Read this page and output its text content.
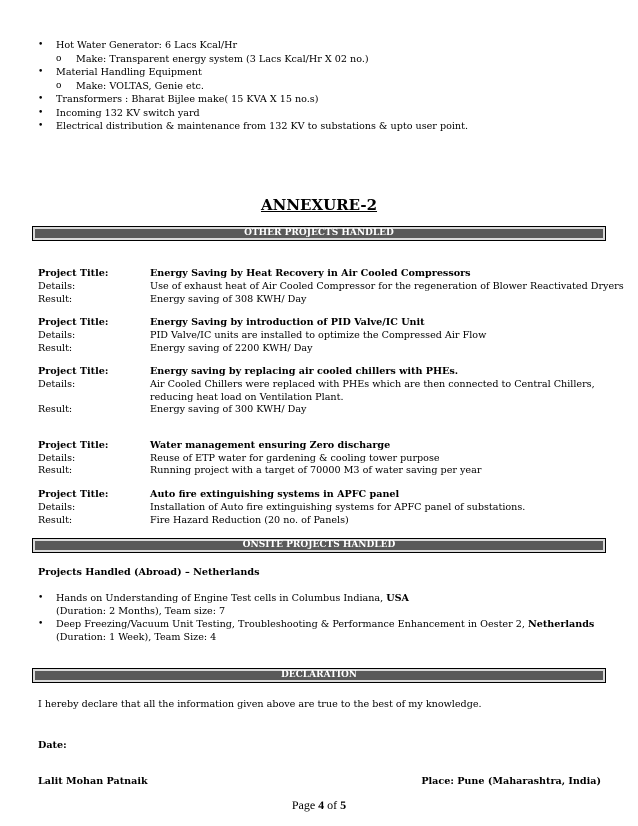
• Hot Water Generator: 6 Lacs Kcal/Hr
o Make: Transparent energy system (3 Lacs Kcal/Hr X 02 no.)
• Material Handling Equipment
o Make: VOLTAS, Genie etc.
• Transformers : Bharat Bijlee make( 15 KVA X 15 no.s)
• Incoming 132 KV switch yard
• Electrical distribution & maintenance from 132 KV to substations & upto user point.
ANNEXURE-2
OTHER PROJECTS HANDLED
Project Title:	Energy Saving by Heat Recovery in Air Cooled Compressors
Details:	Use of exhaust heat of Air Cooled Compressor for the regeneration of Blower Reactivated Dryers
Result:	Energy saving of 308 KWH/ Day
Project Title:	Energy Saving by introduction of PID Valve/IC Unit
Details:	PID Valve/IC units are installed to optimize the Compressed Air Flow
Result:	Energy saving of 2200 KWH/ Day
Project Title:	Energy saving by replacing air cooled chillers with PHEs.
Details:	Air Cooled Chillers were replaced with PHEs which are then connected to Central Chillers, reducing heat load on Ventilation Plant.
Result:	Energy saving of 300 KWH/ Day
Project Title:	Water management ensuring Zero discharge
Details:	Reuse of ETP water for gardening & cooling tower purpose
Result:	Running project with a target of 70000 M3 of water saving per year
Project Title:	Auto fire extinguishing systems in APFC panel
Details:	Installation of Auto fire extinguishing systems for APFC panel of substations.
Result:	Fire Hazard Reduction (20 no. of Panels)
ONSITE PROJECTS HANDLED
Projects Handled (Abroad) – Netherlands
• Hands on Understanding of Engine Test cells in Columbus Indiana, USA
(Duration: 2 Months), Team size: 7
• Deep Freezing/Vacuum Unit Testing, Troubleshooting & Performance Enhancement in Oester 2, Netherlands
(Duration: 1 Week), Team Size: 4
DECLARATION
I hereby declare that all the information given above are true to the best of my knowledge.
Date:
Lalit Mohan Patnaik	Place: Pune (Maharashtra, India)
Page 4 of 5
